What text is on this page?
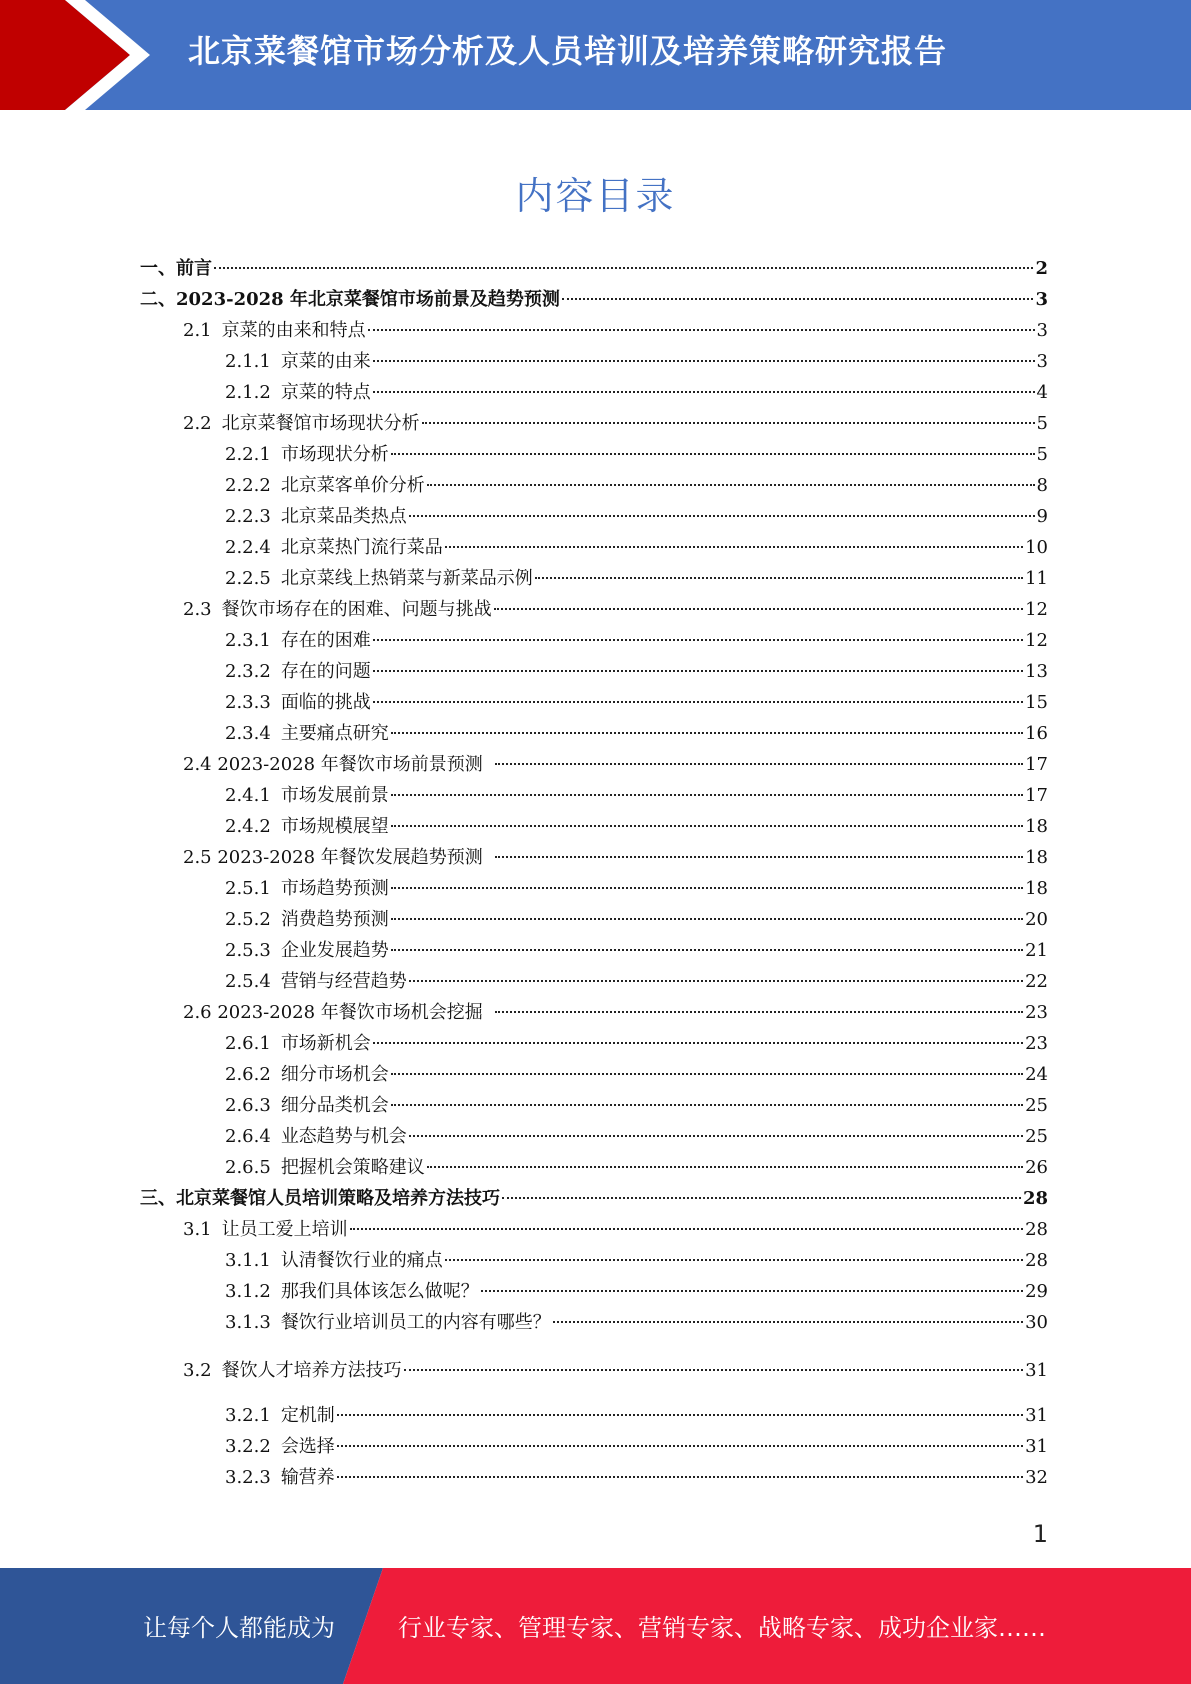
北京菜餐馆市场分析及人员培训及培养策略研究报告
内容目录
一、前言	2
二、2023-2028 年北京菜餐馆市场前景及趋势预测	3
2.1 京菜的由来和特点	3
2.1.1 京菜的由来	3
2.1.2 京菜的特点	4
2.2 北京菜餐馆市场现状分析	5
2.2.1 市场现状分析	5
2.2.2 北京菜客单价分析	8
2.2.3 北京菜品类热点	9
2.2.4 北京菜热门流行菜品	10
2.2.5 北京菜线上热销菜与新菜品示例	11
2.3 餐饮市场存在的困难、问题与挑战	12
2.3.1 存在的困难	12
2.3.2 存在的问题	13
2.3.3 面临的挑战	15
2.3.4 主要痛点研究	16
2.4 2023-2028 年餐饮市场前景预测	17
2.4.1 市场发展前景	17
2.4.2 市场规模展望	18
2.5 2023-2028 年餐饮发展趋势预测	18
2.5.1 市场趋势预测	18
2.5.2 消费趋势预测	20
2.5.3 企业发展趋势	21
2.5.4 营销与经营趋势	22
2.6 2023-2028 年餐饮市场机会挖掘	23
2.6.1 市场新机会	23
2.6.2 细分市场机会	24
2.6.3 细分品类机会	25
2.6.4 业态趋势与机会	25
2.6.5 把握机会策略建议	26
三、北京菜餐馆人员培训策略及培养方法技巧	28
3.1 让员工爱上培训	28
3.1.1 认清餐饮行业的痛点	28
3.1.2 那我们具体该怎么做呢？	29
3.1.3 餐饮行业培训员工的内容有哪些？	30
3.2 餐饮人才培养方法技巧	31
3.2.1 定机制	31
3.2.2 会选择	31
3.2.3 输营养	32
1
让每个人都能成为	行业专家、管理专家、营销专家、战略专家、成功企业家……
